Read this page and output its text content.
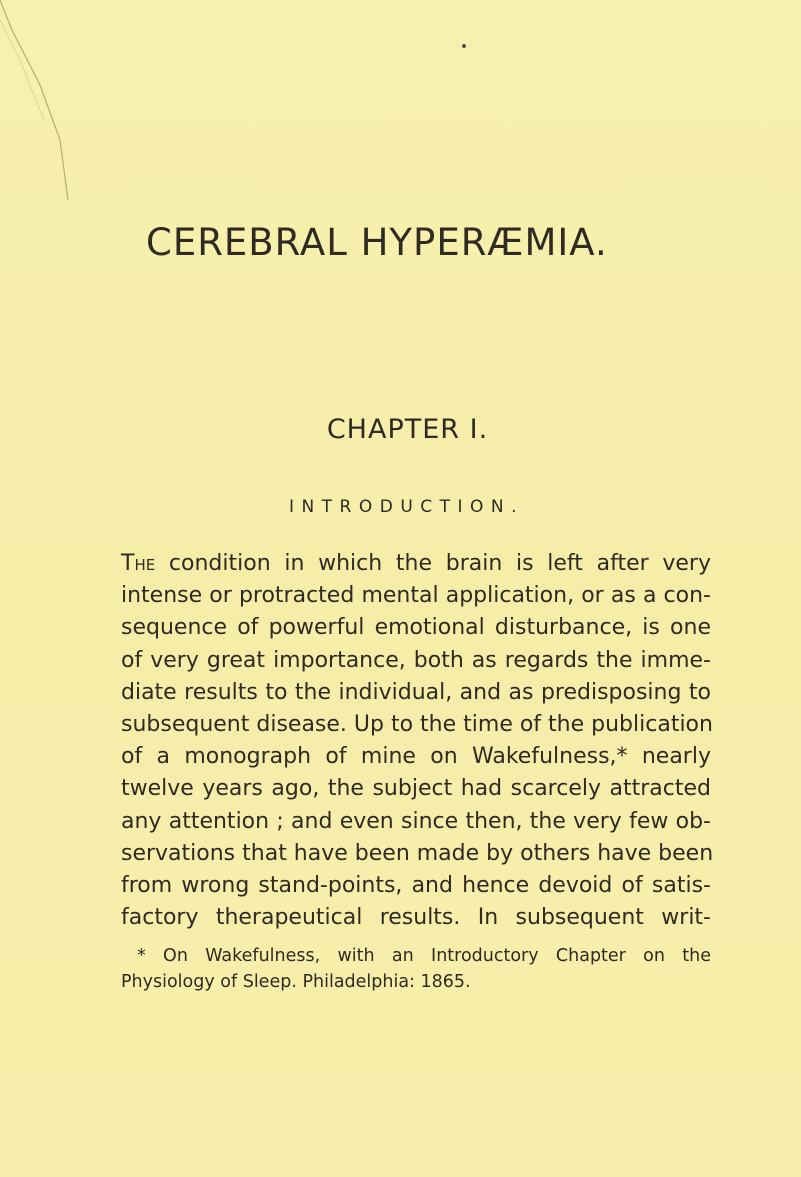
CEREBRAL HYPERÆMIA.
CHAPTER I.
INTRODUCTION.
The condition in which the brain is left after very
intense or protracted mental application, or as a con-
sequence of powerful emotional disturbance, is one
of very great importance, both as regards the imme-
diate results to the individual, and as predisposing to
subsequent disease. Up to the time of the publication
of a monograph of mine on Wakefulness,* nearly
twelve years ago, the subject had scarcely attracted
any attention ; and even since then, the very few ob-
servations that have been made by others have been
from wrong stand-points, and hence devoid of satis-
factory therapeutical results. In subsequent writ-
* On Wakefulness, with an Introductory Chapter on the
Physiology of Sleep. Philadelphia: 1865.
